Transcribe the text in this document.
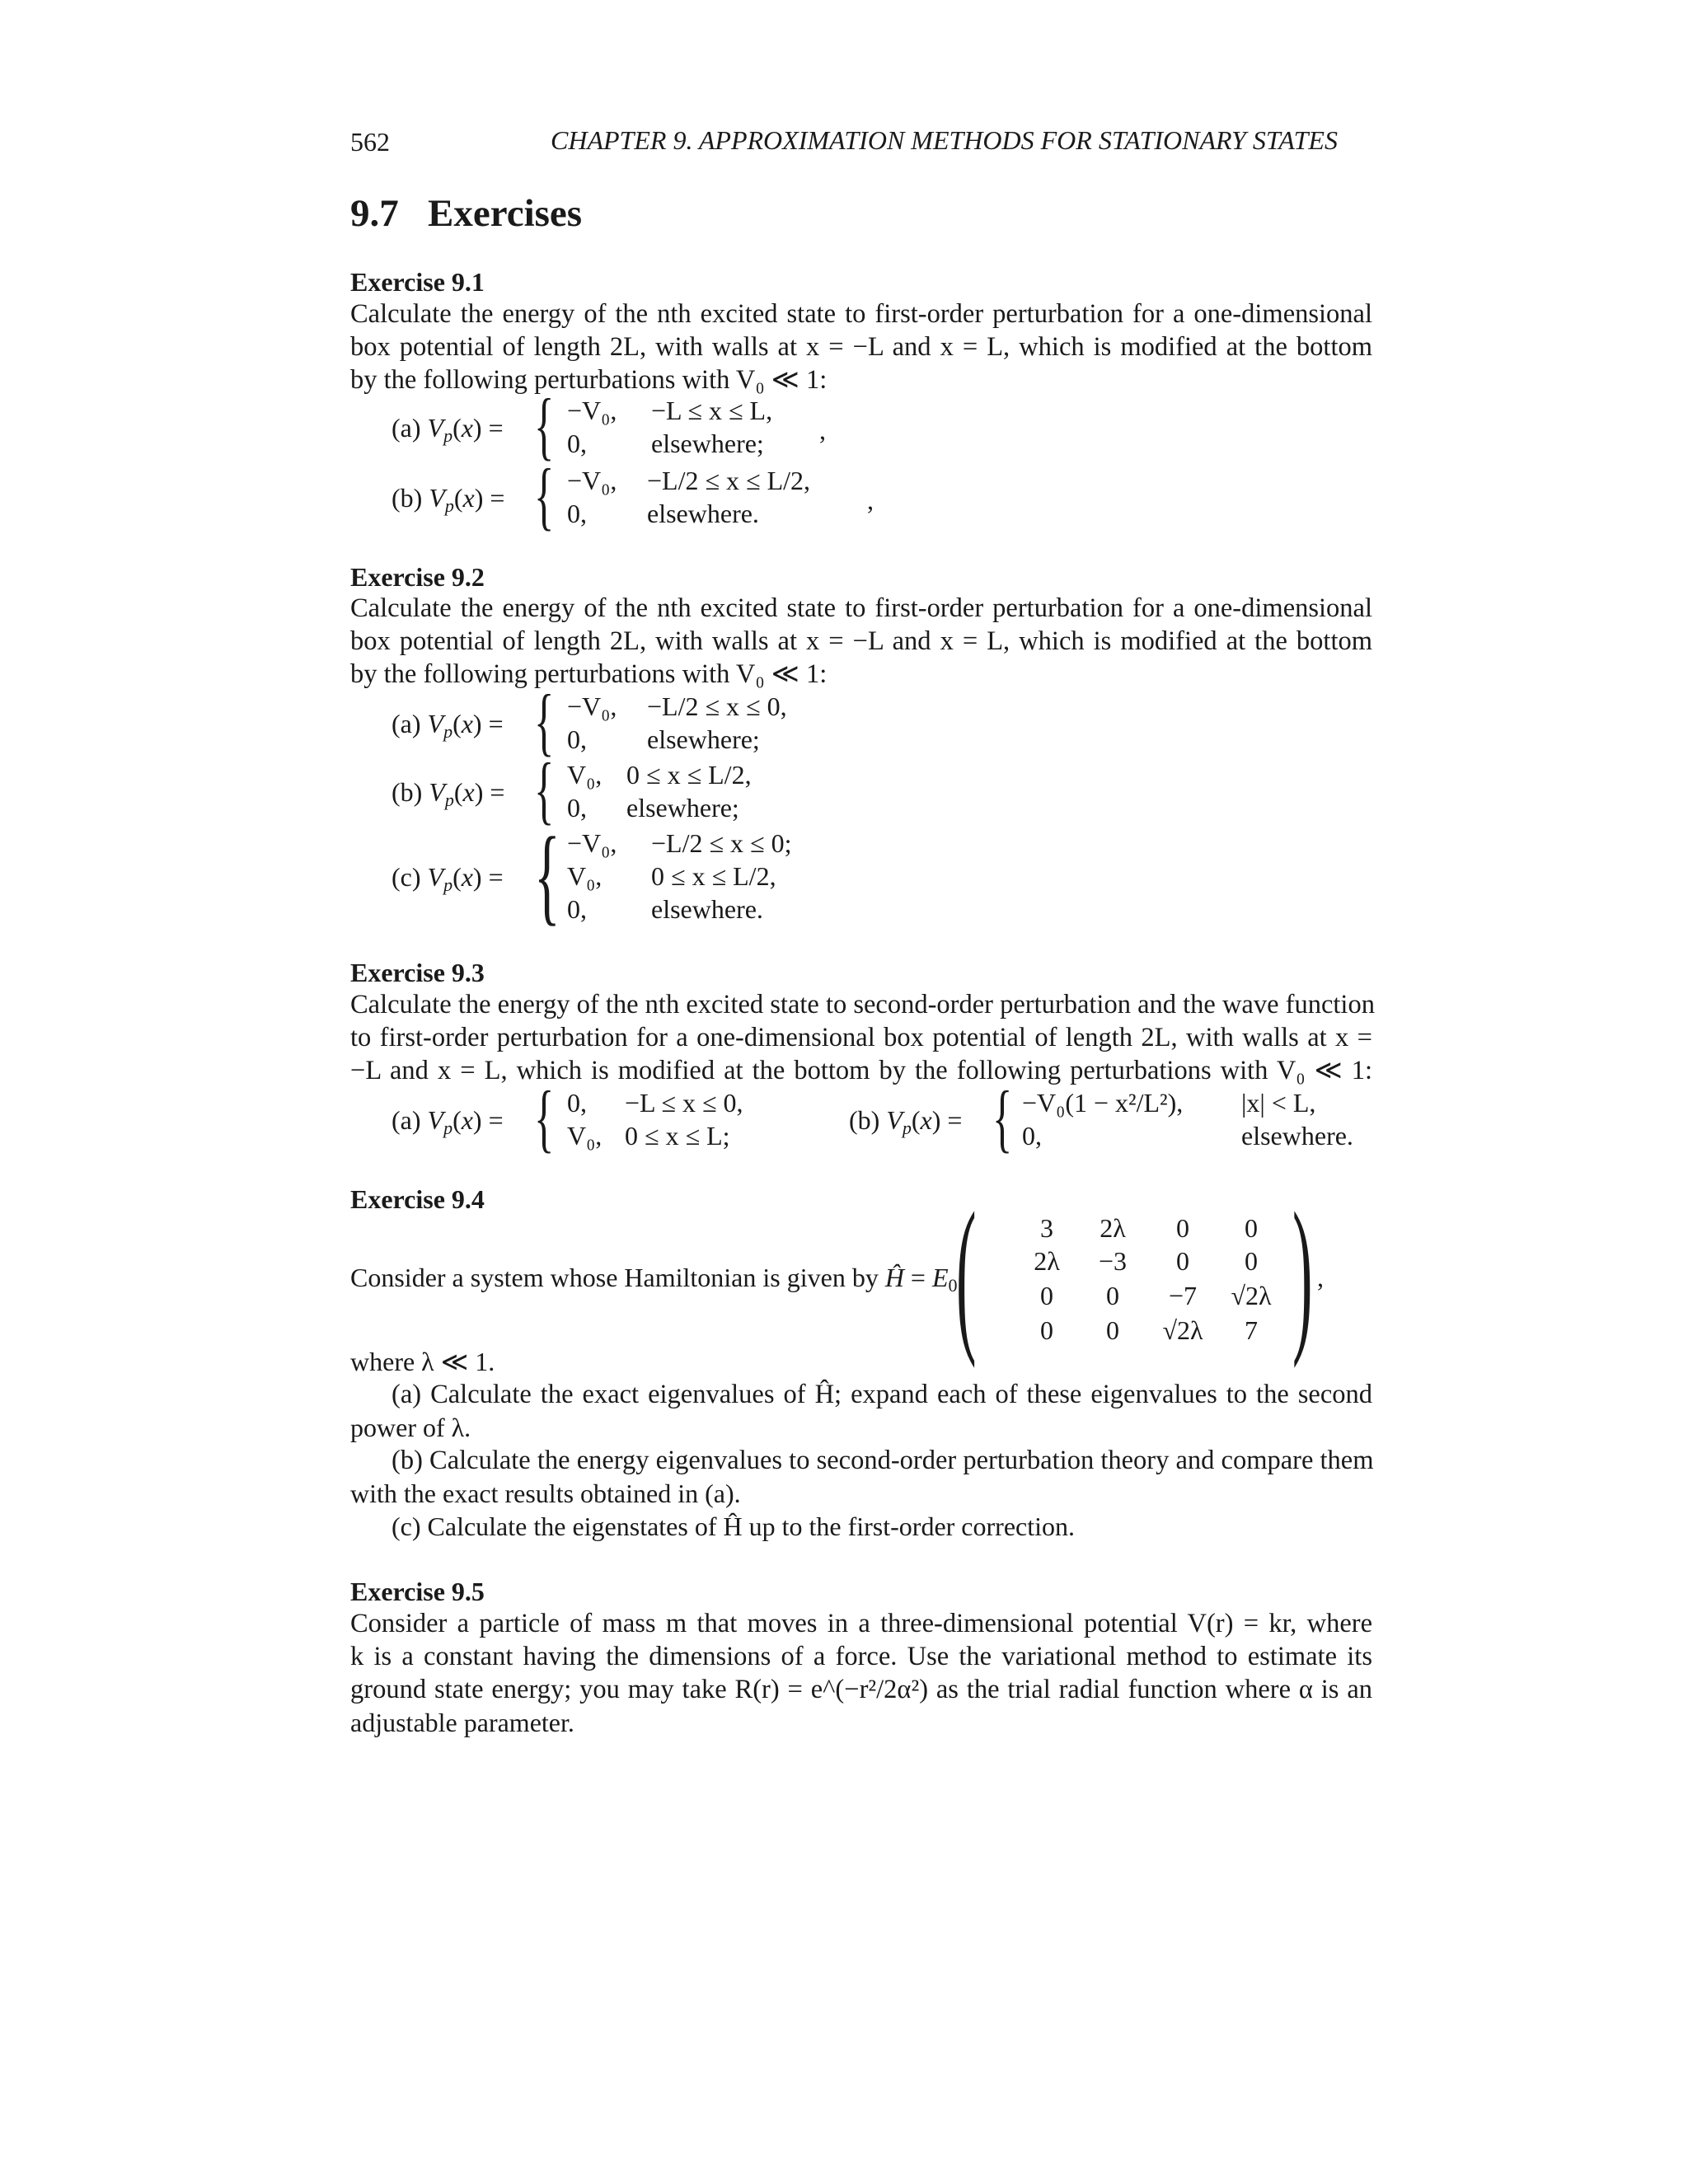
562	CHAPTER 9. APPROXIMATION METHODS FOR STATIONARY STATES
9.7 Exercises
Exercise 9.1
Calculate the energy of the nth excited state to first-order perturbation for a one-dimensional
box potential of length 2L, with walls at x = −L and x = L, which is modified at the bottom
by the following perturbations with V₀ ≪ 1:
(a) $V_p(x)$ = { −V₀, −L ≤ x ≤ L,
0, elsewhere; ,
(b) $V_p(x)$ = { −V₀, −L/2 ≤ x ≤ L/2,
0, elsewhere.	,
Exercise 9.2
Calculate the energy of the nth excited state to first-order perturbation for a one-dimensional
box potential of length 2L, with walls at x = −L and x = L, which is modified at the bottom
by the following perturbations with V₀ ≪ 1:
(a) $V_p(x)$ = { −V₀, −L/2 ≤ x ≤ 0,
0, elsewhere;
(b) $V_p(x)$ = { V₀, 0 ≤ x ≤ L/2,
0, elsewhere;
(c) $V_p(x)$ = { −V₀, −L/2 ≤ x ≤ 0;
V₀, 0 ≤ x ≤ L/2,
0, elsewhere.
Exercise 9.3
Calculate the energy of the nth excited state to second-order perturbation and the wave function
to first-order perturbation for a one-dimensional box potential of length 2L, with walls at x =
−L and x = L, which is modified at the bottom by the following perturbations with V₀ ≪ 1:
(a) $V_p(x)$ = { 0, −L ≤ x ≤ 0,
V₀, 0 ≤ x ≤ L;
(b) $V_p(x)$ = { −V₀(1 − x²/L²), |x| < L,
0,	elsewhere.
Exercise 9.4
Consider a system whose Hamiltonian is given by Ĥ = $E_0$
(	3	2λ	0	0
2λ	−3	0	0
0	0	−7	√2λ
0	0	√2λ	7 ) ,
where λ ≪ 1.
(a) Calculate the exact eigenvalues of Ĥ; expand each of these eigenvalues to the second
power of λ.
(b) Calculate the energy eigenvalues to second-order perturbation theory and compare them
with the exact results obtained in (a).
(c) Calculate the eigenstates of Ĥ up to the first-order correction.
Exercise 9.5
Consider a particle of mass m that moves in a three-dimensional potential V(r) = kr, where
k is a constant having the dimensions of a force. Use the variational method to estimate its
ground state energy; you may take R(r) = e^(−r²/2α²) as the trial radial function where α is an
adjustable parameter.
